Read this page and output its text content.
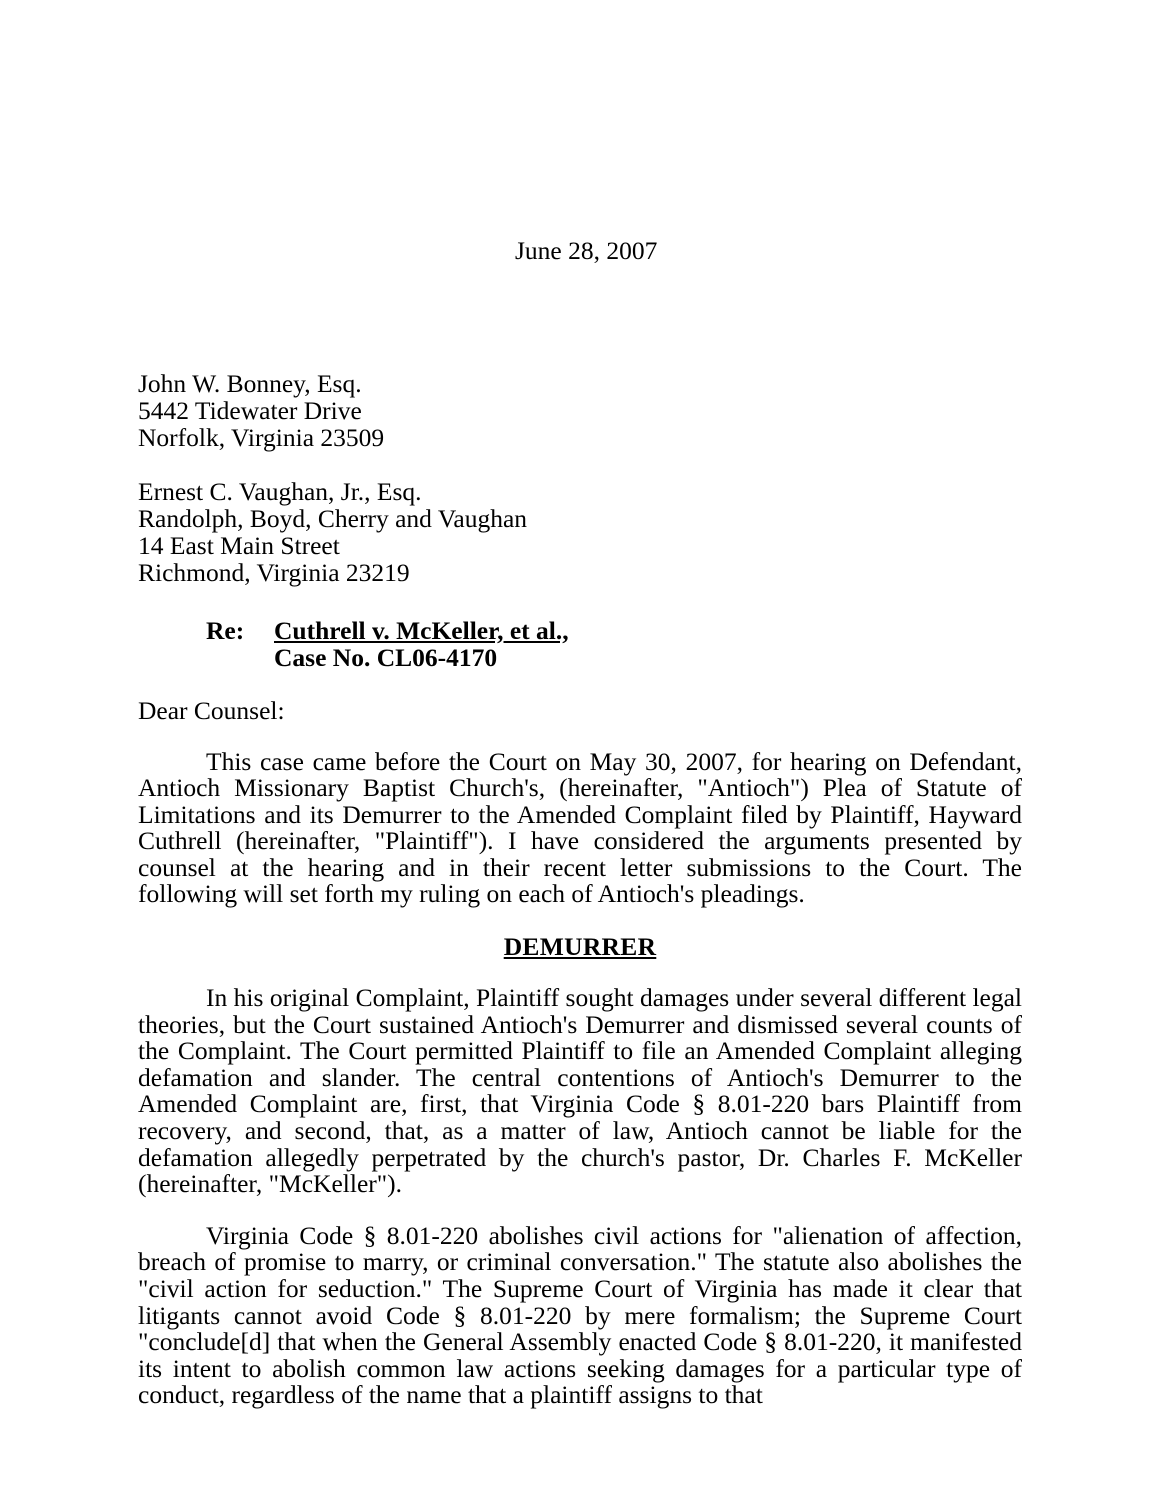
June 28, 2007
John W. Bonney, Esq.
5442 Tidewater Drive
Norfolk, Virginia 23509
Ernest C. Vaughan, Jr., Esq.
Randolph, Boyd, Cherry and Vaughan
14 East Main Street
Richmond, Virginia 23219
Re:	Cuthrell v. McKeller, et al.,
Case No. CL06-4170
Dear Counsel:
This case came before the Court on May 30, 2007, for hearing on Defendant, Antioch Missionary Baptist Church's, (hereinafter, "Antioch") Plea of Statute of Limitations and its Demurrer to the Amended Complaint filed by Plaintiff, Hayward Cuthrell (hereinafter, "Plaintiff"). I have considered the arguments presented by counsel at the hearing and in their recent letter submissions to the Court. The following will set forth my ruling on each of Antioch's pleadings.
DEMURRER
In his original Complaint, Plaintiff sought damages under several different legal theories, but the Court sustained Antioch's Demurrer and dismissed several counts of the Complaint. The Court permitted Plaintiff to file an Amended Complaint alleging defamation and slander. The central contentions of Antioch's Demurrer to the Amended Complaint are, first, that Virginia Code § 8.01-220 bars Plaintiff from recovery, and second, that, as a matter of law, Antioch cannot be liable for the defamation allegedly perpetrated by the church's pastor, Dr. Charles F. McKeller (hereinafter, "McKeller").
Virginia Code § 8.01-220 abolishes civil actions for "alienation of affection, breach of promise to marry, or criminal conversation." The statute also abolishes the "civil action for seduction." The Supreme Court of Virginia has made it clear that litigants cannot avoid Code § 8.01-220 by mere formalism; the Supreme Court "conclude[d] that when the General Assembly enacted Code § 8.01-220, it manifested its intent to abolish common law actions seeking damages for a particular type of conduct, regardless of the name that a plaintiff assigns to that
